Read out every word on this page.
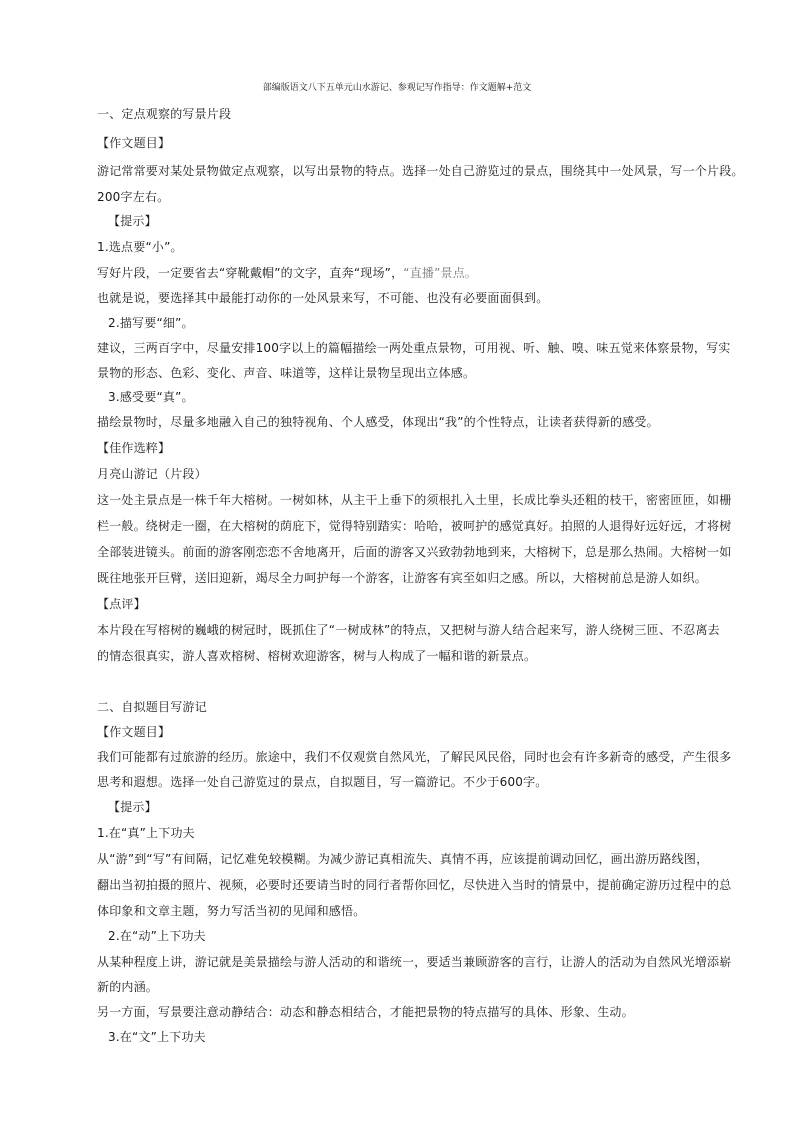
部编版语文八下五单元山水游记、参观记写作指导：作文题解+范文
一、定点观察的写景片段
【作文题目】
游记常常要对某处景物做定点观察，以写出景物的特点。选择一处自己游览过的景点，围绕其中一处风景，写一个片段。
200字左右。
【提示】
1.选点要“小”。
写好片段，一定要省去“穿靴戴帽”的文字，直奔“现场”，“直播”景点。
也就是说，要选择其中最能打动你的一处风景来写，不可能、也没有必要面面俱到。
2.描写要“细”。
建议，三两百字中，尽量安排100字以上的篇幅描绘一两处重点景物，可用视、听、触、嗅、味五觉来体察景物，写实
景物的形态、色彩、变化、声音、味道等，这样让景物呈现出立体感。
3.感受要“真”。
描绘景物时，尽量多地融入自己的独特视角、个人感受，体现出“我”的个性特点，让读者获得新的感受。
【佳作选粹】
月亮山游记（片段）
这一处主景点是一株千年大榕树。一树如林，从主干上垂下的须根扎入土里，长成比拳头还粗的枝干，密密匝匝，如栅
栏一般。绕树走一圈，在大榕树的荫庇下，觉得特别踏实：哈哈，被呵护的感觉真好。拍照的人退得好远好远，才将树
全部装进镜头。前面的游客刚恋恋不舍地离开，后面的游客又兴致勃勃地到来，大榕树下，总是那么热闹。大榕树一如
既往地张开巨臂，送旧迎新，竭尽全力呵护每一个游客，让游客有宾至如归之感。所以，大榕树前总是游人如织。
【点评】
本片段在写榕树的巍峨的树冠时，既抓住了“一树成林”的特点，又把树与游人结合起来写，游人绕树三匝、不忍离去
的情态很真实，游人喜欢榕树、榕树欢迎游客，树与人构成了一幅和谐的新景点。
二、自拟题目写游记
【作文题目】
我们可能都有过旅游的经历。旅途中，我们不仅观赏自然风光，了解民风民俗，同时也会有许多新奇的感受，产生很多
思考和遐想。选择一处自己游览过的景点，自拟题目，写一篇游记。不少于600字。
【提示】
1.在“真”上下功夫
从“游”到“写”有间隔，记忆难免较模糊。为减少游记真相流失、真情不再，应该提前调动回忆，画出游历路线图，
翻出当初拍摄的照片、视频，必要时还要请当时的同行者帮你回忆，尽快进入当时的情景中，提前确定游历过程中的总
体印象和文章主题，努力写活当初的见闻和感悟。
2.在“动”上下功夫
从某种程度上讲，游记就是美景描绘与游人活动的和谐统一，要适当兼顾游客的言行，让游人的活动为自然风光增添崭
新的内涵。
另一方面，写景要注意动静结合：动态和静态相结合，才能把景物的特点描写的具体、形象、生动。
3.在“文”上下功夫
